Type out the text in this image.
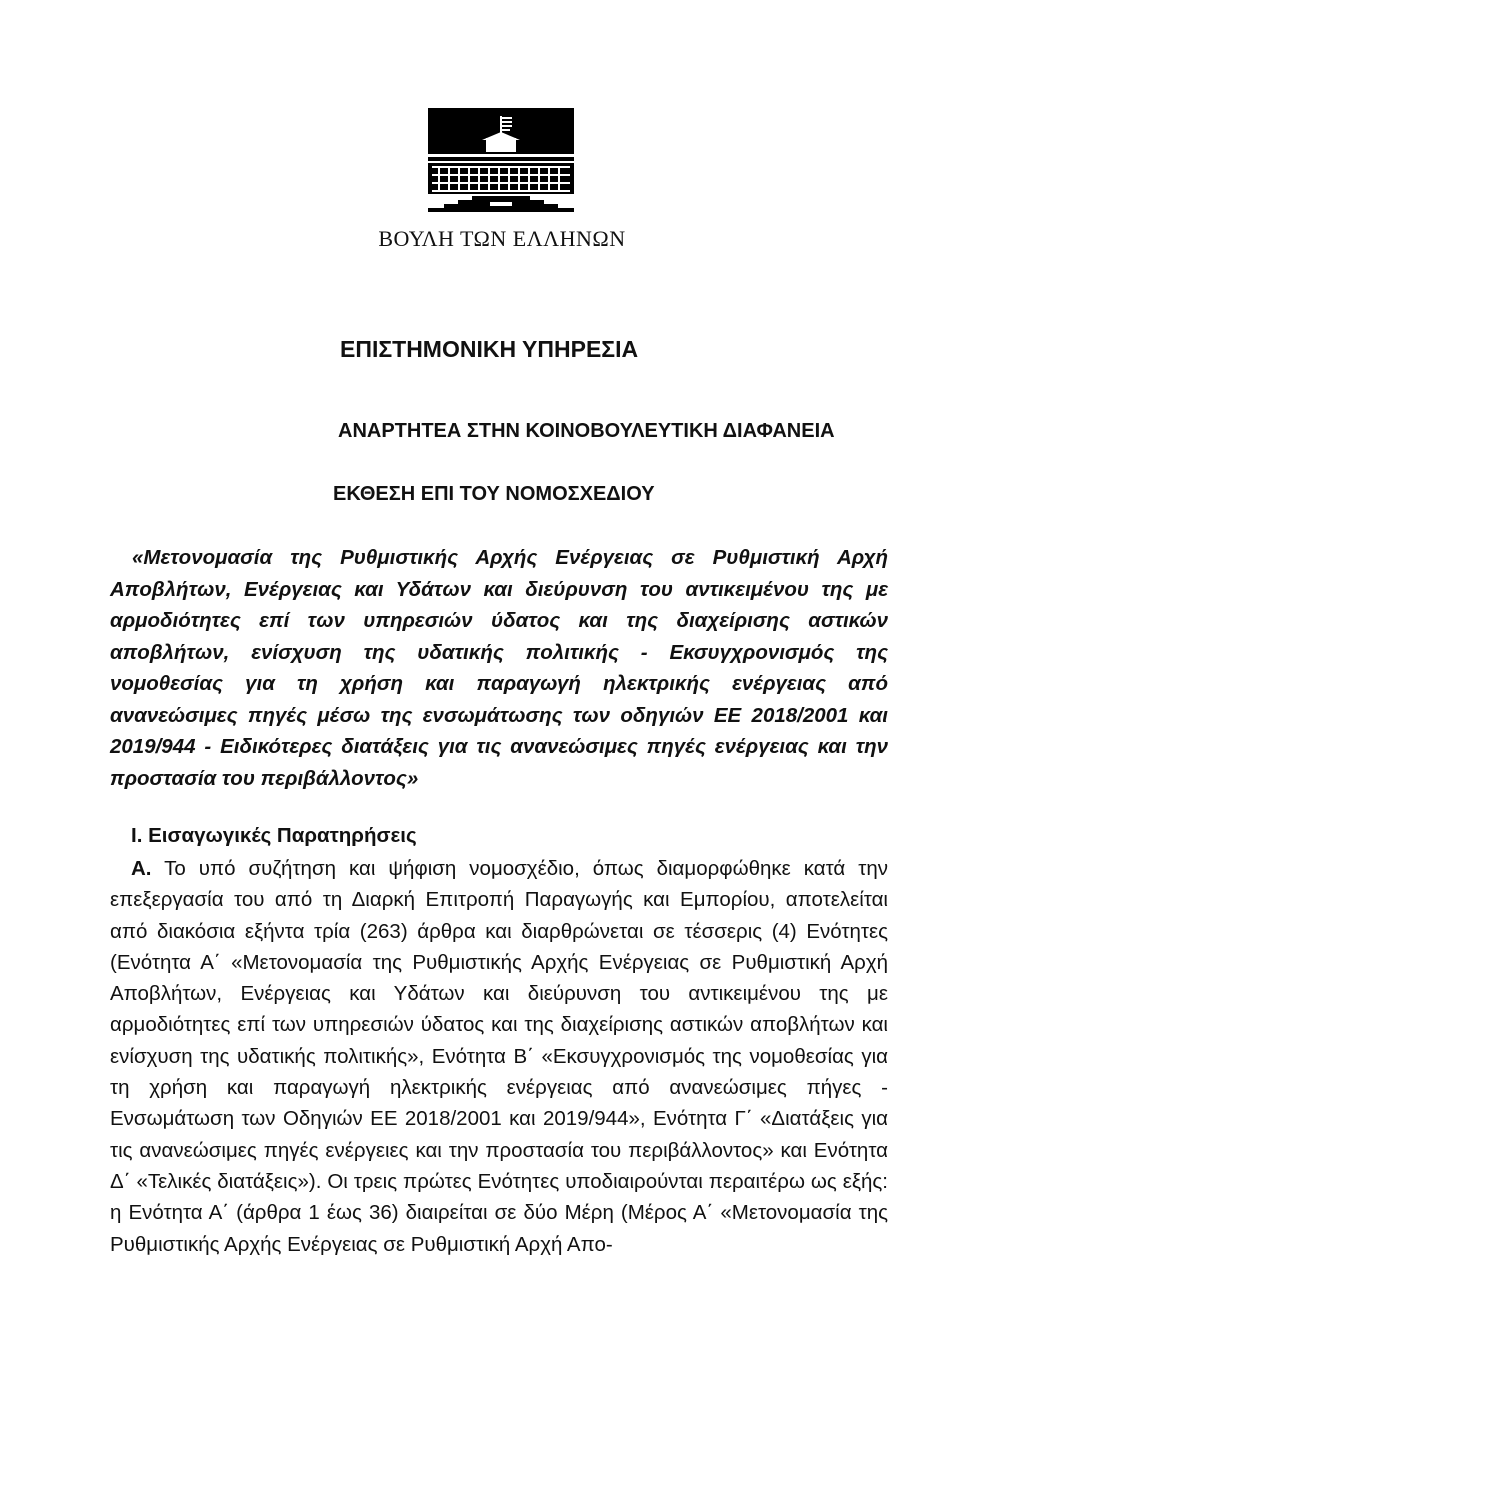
ΒΟΥΛΗ ΤΩΝ ΕΛΛΗΝΩΝ
ΕΠΙΣΤΗΜΟΝΙΚΗ ΥΠΗΡΕΣΙΑ
ΑΝΑΡΤΗΤΕΑ ΣΤΗΝ ΚΟΙΝΟΒΟΥΛΕΥΤΙΚΗ ΔΙΑΦΑΝΕΙΑ
ΕΚΘΕΣΗ ΕΠΙ ΤΟΥ ΝΟΜΟΣΧΕΔΙΟΥ

«Μετονομασία της Ρυθμιστικής Αρχής Ενέργειας σε Ρυθμιστική Αρχή Αποβλήτων, Ενέργειας και Υδάτων και διεύρυνση του αντικειμένου της με αρμοδιότητες επί των υπηρεσιών ύδατος και της διαχείρισης αστικών αποβλήτων, ενίσχυση της υδατικής πολιτικής - Εκσυγχρονισμός της νομοθεσίας για τη χρήση και παραγωγή ηλεκτρικής ενέργειας από ανανεώσιμες πηγές μέσω της ενσωμάτωσης των οδηγιών ΕΕ 2018/2001 και 2019/944 - Ειδικότερες διατάξεις για τις ανανεώσιμες πηγές ενέργειας και την προστασία του περιβάλλοντος»

Ι. Εισαγωγικές Παρατηρήσεις

Α. Το υπό συζήτηση και ψήφιση νομοσχέδιο, όπως διαμορφώθηκε κατά την επεξεργασία του από τη Διαρκή Επιτροπή Παραγωγής και Εμπορίου, αποτελείται από διακόσια εξήντα τρία (263) άρθρα και διαρθρώνεται σε τέσσερις (4) Ενότητες (Ενότητα Α΄ «Μετονομασία της Ρυθμιστικής Αρχής Ενέργειας σε Ρυθμιστική Αρχή Αποβλήτων, Ενέργειας και Υδάτων και διεύρυνση του αντικειμένου της με αρμοδιότητες επί των υπηρεσιών ύδατος και της διαχείρισης αστικών αποβλήτων και ενίσχυση της υδατικής πολιτικής», Ενότητα Β΄ «Εκσυγχρονισμός της νομοθεσίας για τη χρήση και παραγωγή ηλεκτρικής ενέργειας από ανανεώσιμες πήγες - Ενσωμάτωση των Οδηγιών ΕΕ 2018/2001 και 2019/944», Ενότητα Γ΄ «Διατάξεις για τις ανανεώσιμες πηγές ενέργειες και την προστασία του περιβάλλοντος» και Ενότητα Δ΄ «Τελικές διατάξεις»). Οι τρεις πρώτες Ενότητες υποδιαιρούνται περαιτέρω ως εξής: η Ενότητα Α΄ (άρθρα 1 έως 36) διαιρείται σε δύο Μέρη (Μέρος Α΄ «Μετονομασία της Ρυθμιστικής Αρχής Ενέργειας σε Ρυθμιστική Αρχή Απο-
